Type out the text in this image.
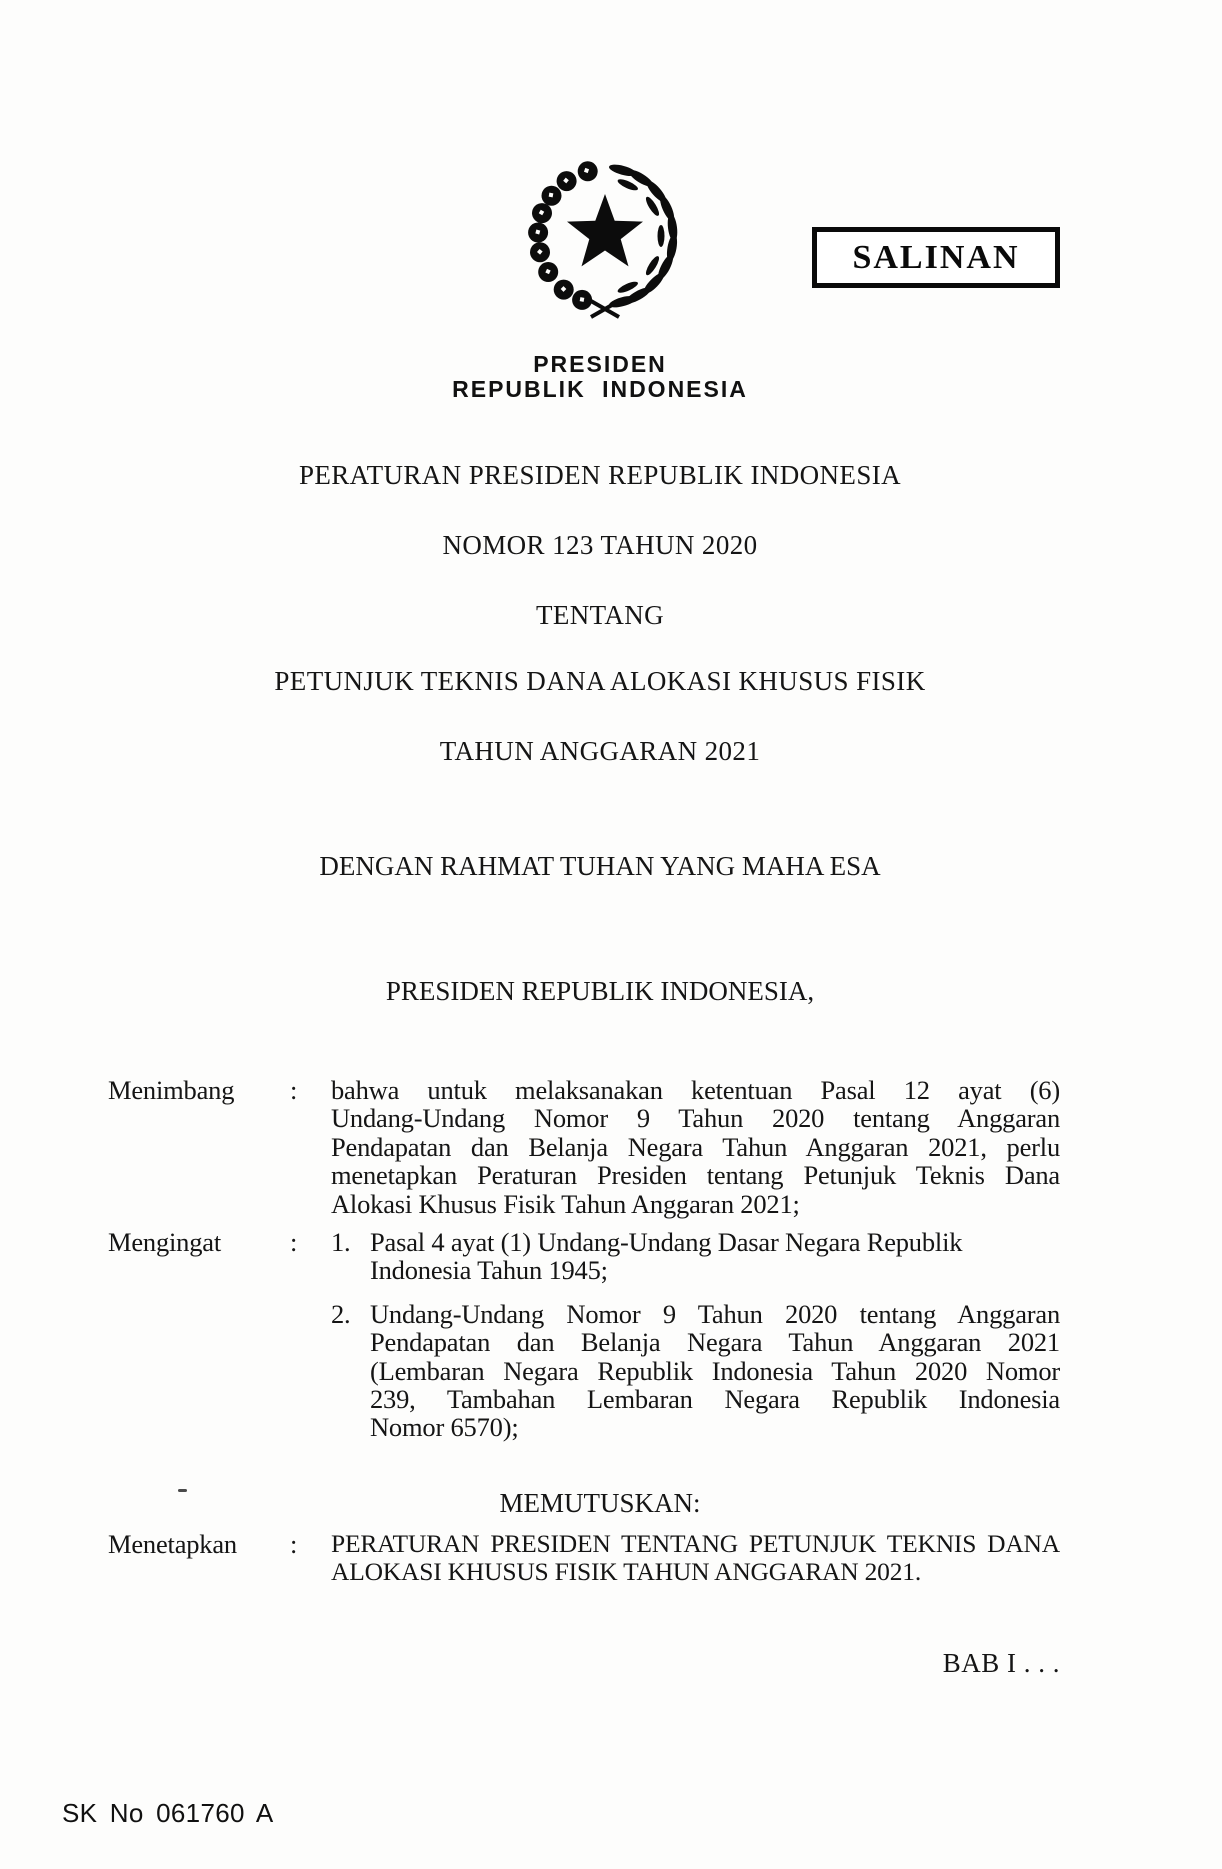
SALINAN
PRESIDEN
REPUBLIK INDONESIA
PERATURAN PRESIDEN REPUBLIK INDONESIA
NOMOR 123 TAHUN 2020
TENTANG
PETUNJUK TEKNIS DANA ALOKASI KHUSUS FISIK
TAHUN ANGGARAN 2021
DENGAN RAHMAT TUHAN YANG MAHA ESA
PRESIDEN REPUBLIK INDONESIA,
Menimbang : bahwa untuk melaksanakan ketentuan Pasal 12 ayat (6)
Undang-Undang Nomor 9 Tahun 2020 tentang Anggaran
Pendapatan dan Belanja Negara Tahun Anggaran 2021, perlu
menetapkan Peraturan Presiden tentang Petunjuk Teknis Dana
Alokasi Khusus Fisik Tahun Anggaran 2021;
Mengingat	: 1. Pasal 4 ayat (1) Undang-Undang Dasar Negara Republik
Indonesia Tahun 1945;
2. Undang-Undang Nomor 9 Tahun 2020 tentang Anggaran
Pendapatan dan Belanja Negara Tahun Anggaran 2021
(Lembaran Negara Republik Indonesia Tahun 2020 Nomor
239, Tambahan Lembaran Negara Republik Indonesia
Nomor 6570);
MEMUTUSKAN:
Menetapkan : PERATURAN PRESIDEN TENTANG PETUNJUK TEKNIS DANA
ALOKASI KHUSUS FISIK TAHUN ANGGARAN 2021.
BAB I . . .
SK No 061760 A
